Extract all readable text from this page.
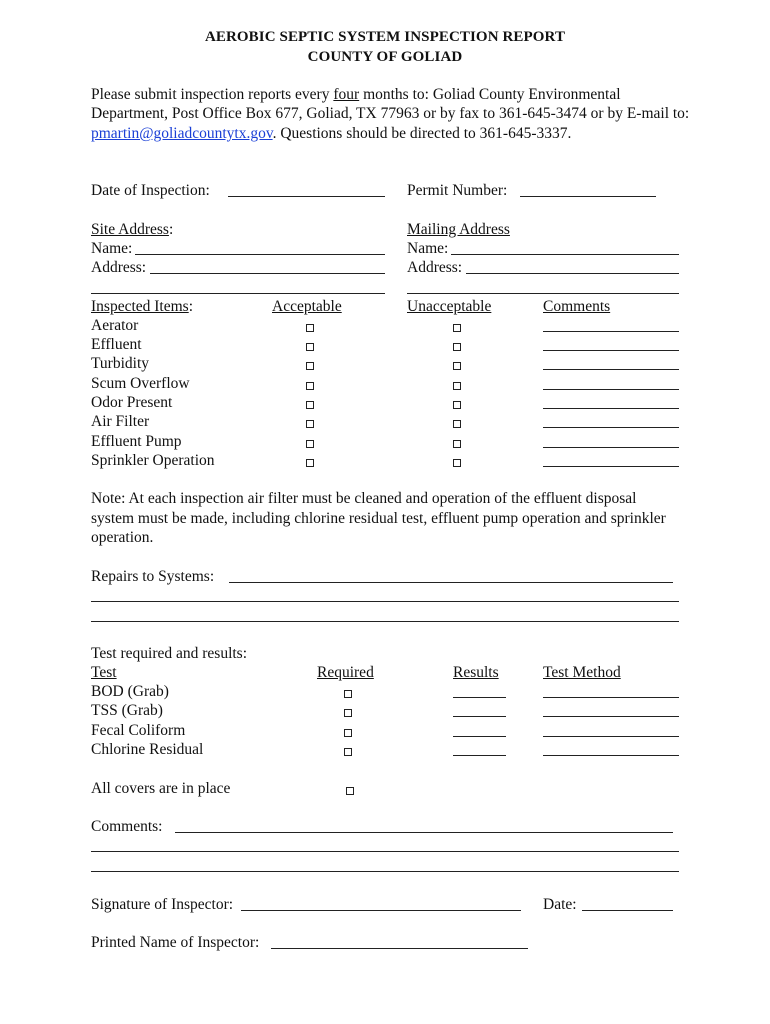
AEROBIC SEPTIC SYSTEM INSPECTION REPORT
COUNTY OF GOLIAD
Please submit inspection reports every four months to: Goliad County Environmental
Department, Post Office Box 677, Goliad, TX 77963 or by fax to 361-645-3474 or by E-mail to:
pmartin@goliadcountytx.gov. Questions should be directed to 361-645-3337.
Date of Inspection:	Permit Number:
Site Address:
Name:
Address:
Mailing Address
Name:
Address:
Inspected Items:	Acceptable	Unacceptable	Comments
Aerator
Effluent
Turbidity
Scum Overflow
Odor Present
Air Filter
Effluent Pump
Sprinkler Operation
Note: At each inspection air filter must be cleaned and operation of the effluent disposal
system must be made, including chlorine residual test, effluent pump operation and sprinkler
operation.
Repairs to Systems:
Test required and results:
Test	Required	Results	Test Method
BOD (Grab)
TSS (Grab)
Fecal Coliform
Chlorine Residual
All covers are in place
Comments:
Signature of Inspector:	Date:
Printed Name of Inspector:
